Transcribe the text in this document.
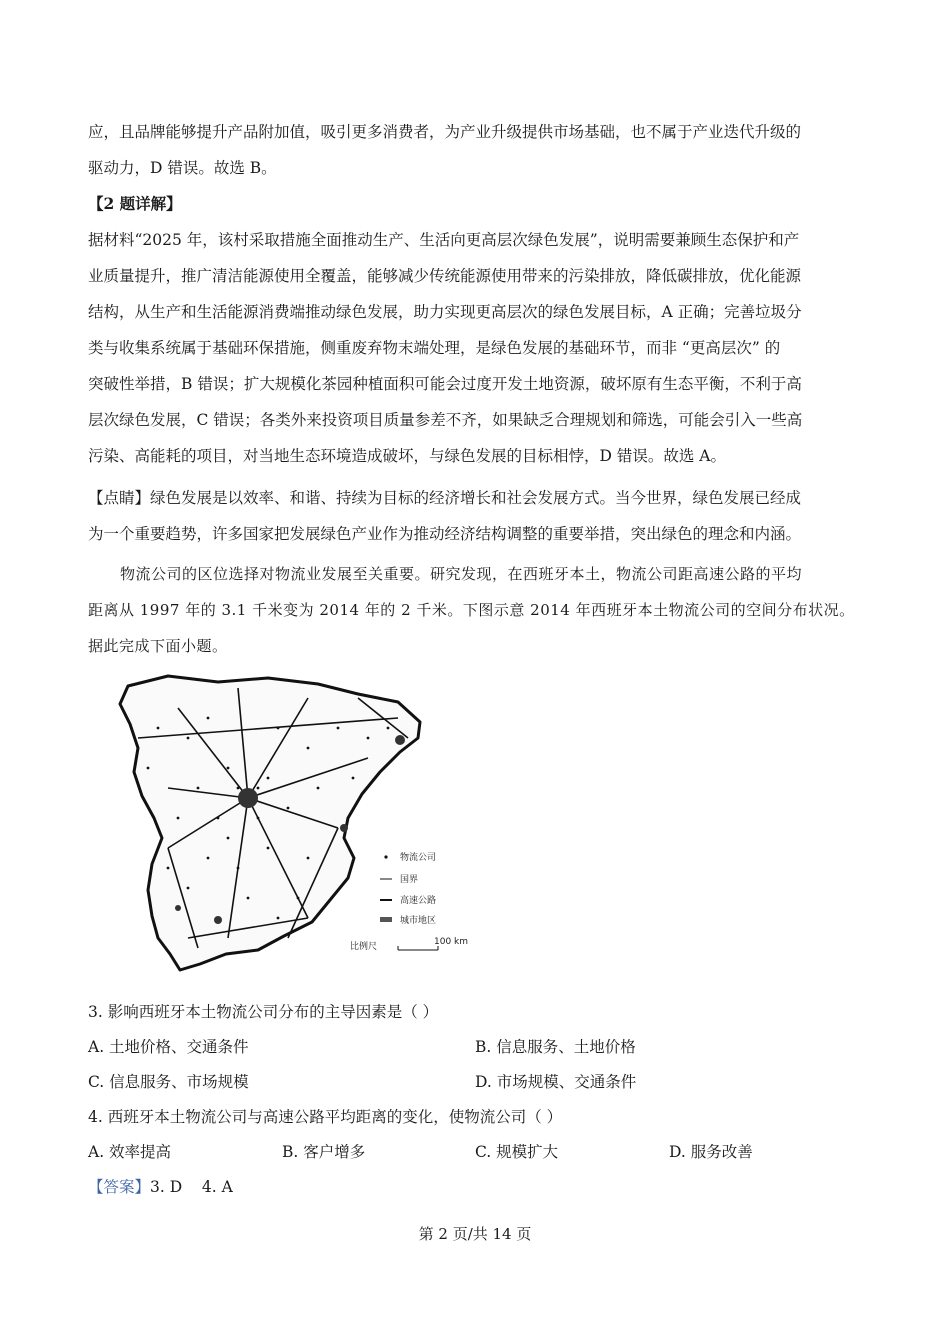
应，且品牌能够提升产品附加值，吸引更多消费者，为产业升级提供市场基础，也不属于产业迭代升级的

驱动力，D 错误。故选 B。

【2 题详解】

据材料“2025 年，该村采取措施全面推动生产、生活向更高层次绿色发展”，说明需要兼顾生态保护和产

业质量提升，推广清洁能源使用全覆盖，能够减少传统能源使用带来的污染排放，降低碳排放，优化能源

结构，从生产和生活能源消费端推动绿色发展，助力实现更高层次的绿色发展目标，A 正确；完善垃圾分

类与收集系统属于基础环保措施，侧重废弃物末端处理，是绿色发展的基础环节，而非 “更高层次” 的

突破性举措，B 错误；扩大规模化茶园种植面积可能会过度开发土地资源，破坏原有生态平衡，不利于高

层次绿色发展，C 错误；各类外来投资项目质量参差不齐，如果缺乏合理规划和筛选，可能会引入一些高

污染、高能耗的项目，对当地生态环境造成破坏，与绿色发展的目标相悖，D 错误。故选 A。

【点睛】绿色发展是以效率、和谐、持续为目标的经济增长和社会发展方式。当今世界，绿色发展已经成

为一个重要趋势，许多国家把发展绿色产业作为推动经济结构调整的重要举措，突出绿色的理念和内涵。

物流公司的区位选择对物流业发展至关重要。研究发现，在西班牙本土，物流公司距高速公路的平均
距离从 1997 年的 3.1 千米变为 2014 年的 2 千米。下图示意 2014 年西班牙本土物流公司的空间分布状况。
据此完成下面小题。
物流公司
国界
高速公路
城市地区
比例尺	100 km
3. 影响西班牙本土物流公司分布的主导因素是（ ）
A. 土地价格、交通条件	B. 信息服务、土地价格
C. 信息服务、市场规模	D. 市场规模、交通条件
4. 西班牙本土物流公司与高速公路平均距离的变化，使物流公司（ ）
A. 效率提高	B. 客户增多	C. 规模扩大	D. 服务改善
【答案】3. D    4. A
第 2 页/共 14 页
